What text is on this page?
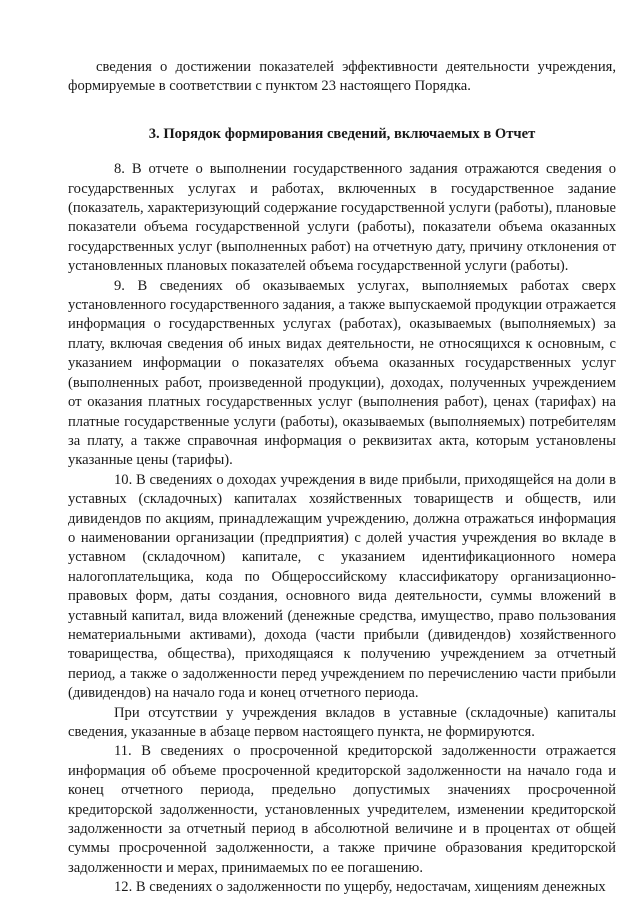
сведения о достижении показателей эффективности деятельности учреждения, формируемые в соответствии с пунктом 23 настоящего Порядка.

3. Порядок формирования сведений, включаемых в Отчет

8. В отчете о выполнении государственного задания отражаются сведения о государственных услугах и работах, включенных в государственное задание (показатель, характеризующий содержание государственной услуги (работы), плановые показатели объема государственной услуги (работы), показатели объема оказанных государственных услуг (выполненных работ) на отчетную дату, причину отклонения от установленных плановых показателей объема государственной услуги (работы).

9. В сведениях об оказываемых услугах, выполняемых работах сверх установленного государственного задания, а также выпускаемой продукции отражается информация о государственных услугах (работах), оказываемых (выполняемых) за плату, включая сведения об иных видах деятельности, не относящихся к основным, с указанием информации о показателях объема оказанных государственных услуг (выполненных работ, произведенной продукции), доходах, полученных учреждением от оказания платных государственных услуг (выполнения работ), ценах (тарифах) на платные государственные услуги (работы), оказываемых (выполняемых) потребителям за плату, а также справочная информация о реквизитах акта, которым установлены указанные цены (тарифы).

10. В сведениях о доходах учреждения в виде прибыли, приходящейся на доли в уставных (складочных) капиталах хозяйственных товариществ и обществ, или дивидендов по акциям, принадлежащим учреждению, должна отражаться информация о наименовании организации (предприятия) с долей участия учреждения во вкладе в уставном (складочном) капитале, с указанием идентификационного номера налогоплательщика, кода по Общероссийскому классификатору организационно-правовых форм, даты создания, основного вида деятельности, суммы вложений в уставный капитал, вида вложений (денежные средства, имущество, право пользования нематериальными активами), дохода (части прибыли (дивидендов) хозяйственного товарищества, общества), приходящаяся к получению учреждением за отчетный период, а также о задолженности перед учреждением по перечислению части прибыли (дивидендов) на начало года и конец отчетного периода.

При отсутствии у учреждения вкладов в уставные (складочные) капиталы сведения, указанные в абзаце первом настоящего пункта, не формируются.

11. В сведениях о просроченной кредиторской задолженности отражается информация об объеме просроченной кредиторской задолженности на начало года и конец отчетного периода, предельно допустимых значениях просроченной кредиторской задолженности, установленных учредителем, изменении кредиторской задолженности за отчетный период в абсолютной величине и в процентах от общей суммы просроченной задолженности, а также причине образования кредиторской задолженности и мерах, принимаемых по ее погашению.

12. В сведениях о задолженности по ущербу, недостачам, хищениям денежных
